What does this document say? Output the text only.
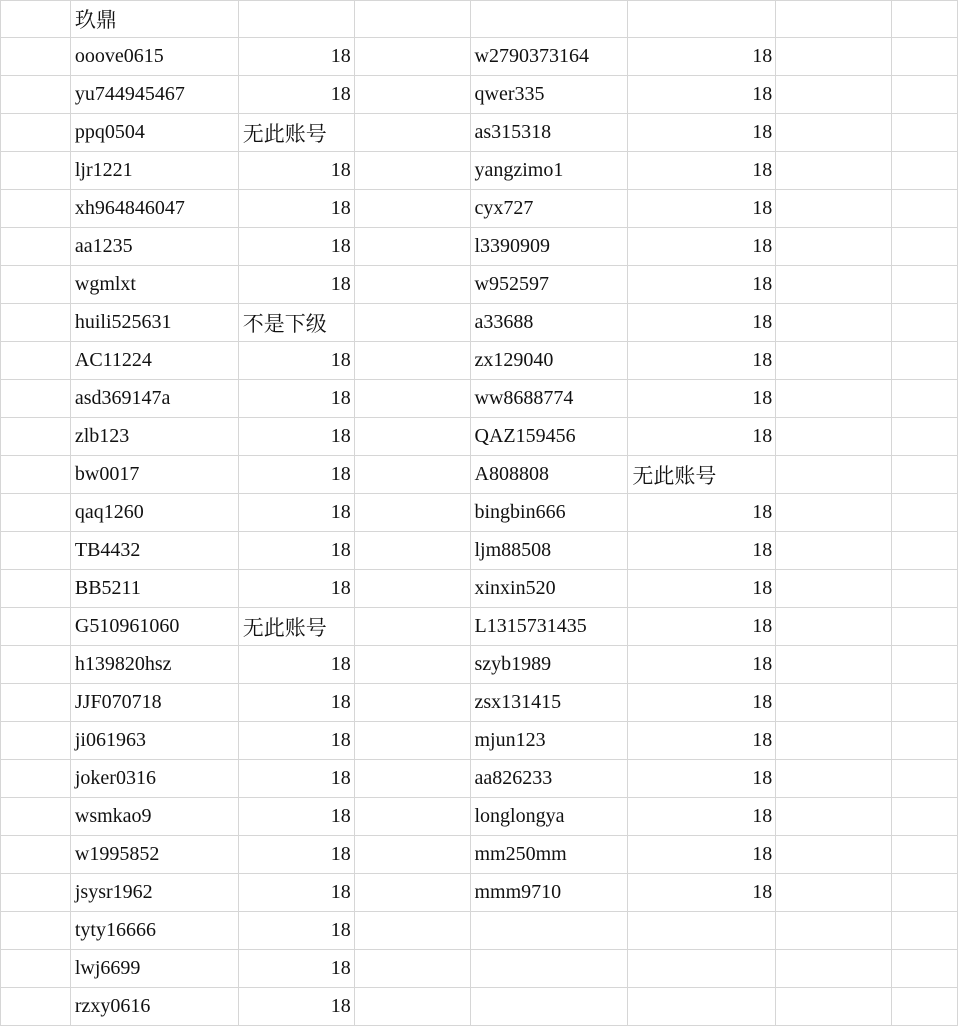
	玖鼎						
	ooove0615	18		w2790373164	18		
	yu744945467	18		qwer335	18		
	ppq0504	无此账号		as315318	18		
	ljr1221	18		yangzimo1	18		
	xh964846047	18		cyx727	18		
	aa1235	18		l3390909	18		
	wgmlxt	18		w952597	18		
	huili525631	不是下级		a33688	18		
	AC11224	18		zx129040	18		
	asd369147a	18		ww8688774	18		
	zlb123	18		QAZ159456	18		
	bw0017	18		A808808	无此账号		
	qaq1260	18		bingbin666	18		
	TB4432	18		ljm88508	18		
	BB5211	18		xinxin520	18		
	G510961060	无此账号		L1315731435	18		
	h139820hsz	18		szyb1989	18		
	JJF070718	18		zsx131415	18		
	ji061963	18		mjun123	18		
	joker0316	18		aa826233	18		
	wsmkao9	18		longlongya	18		
	w1995852	18		mm250mm	18		
	jsysr1962	18		mmm9710	18		
	tyty16666	18					
	lwj6699	18					
	rzxy0616	18					
